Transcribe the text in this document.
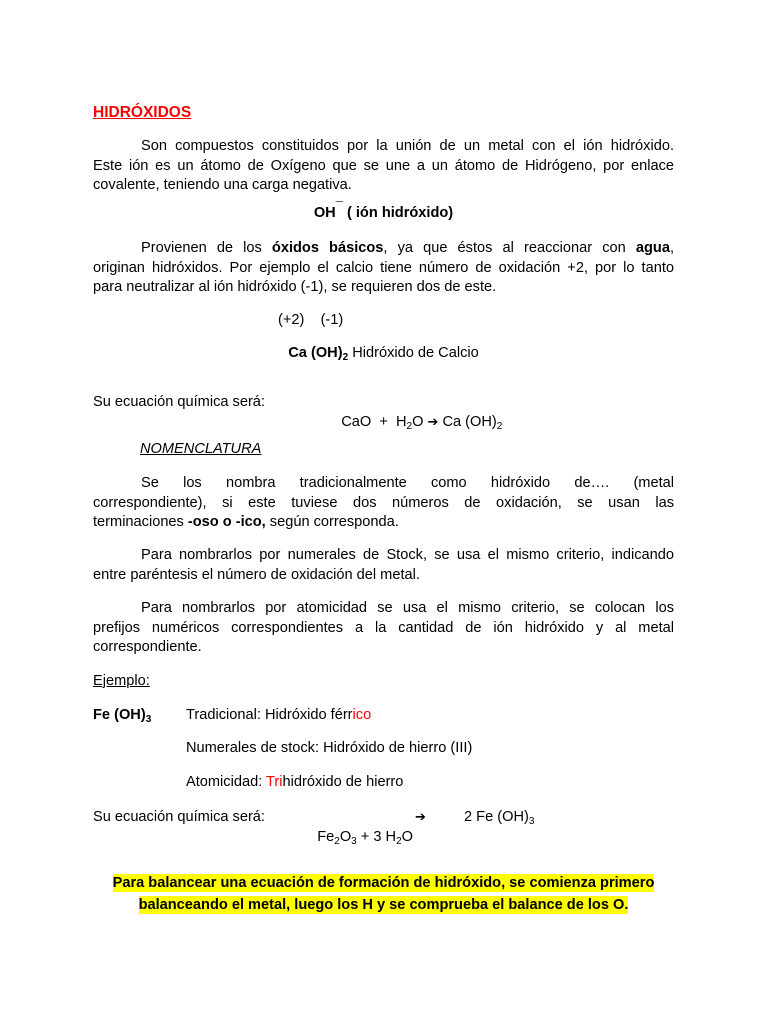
HIDRÓXIDOS
Son compuestos constituidos por la unión de un metal con el ión hidróxido.
Este ión es un átomo de Oxígeno que se une a un átomo de Hidrógeno, por enlace
covalente, teniendo una carga negativa.
OH¯ ( ión hidróxido)
Provienen de los óxidos básicos, ya que éstos al reaccionar con agua,
originan hidróxidos. Por ejemplo el calcio tiene número de oxidación +2, por lo tanto
para neutralizar al ión hidróxido (-1), se requieren dos de este.
(+2)    (-1)
Ca $(OH)_2$ Hidróxido de Calcio
Su ecuación química será:

CaO  +  $H_2O$ ➔ Ca $(OH)_2$

NOMENCLATURA
Se los nombra tradicionalmente como hidróxido de…. (metal
correspondiente), si este tuviese dos números de oxidación, se usan las
terminaciones -oso o -ico, según corresponda.
Para nombrarlos por numerales de Stock, se usa el mismo criterio, indicando
entre paréntesis el número de oxidación del metal.
Para nombrarlos por atomicidad se usa el mismo criterio, se colocan los
prefijos numéricos correspondientes a la cantidad de ión hidróxido y al metal
correspondiente.
Ejemplo:
Fe $(OH)_3$ Tradicional: Hidróxido férrico
Numerales de stock: Hidróxido de hierro (III)
Atomicidad: Trihidróxido de hierro
Su ecuación química será:

$Fe_2O_3 + 3$ $H_2O$

➔	2 Fe $(OH)_3$
Para balancear una ecuación de formación de hidróxido, se comienza primero
balanceando el metal, luego los H y se comprueba el balance de los O.
